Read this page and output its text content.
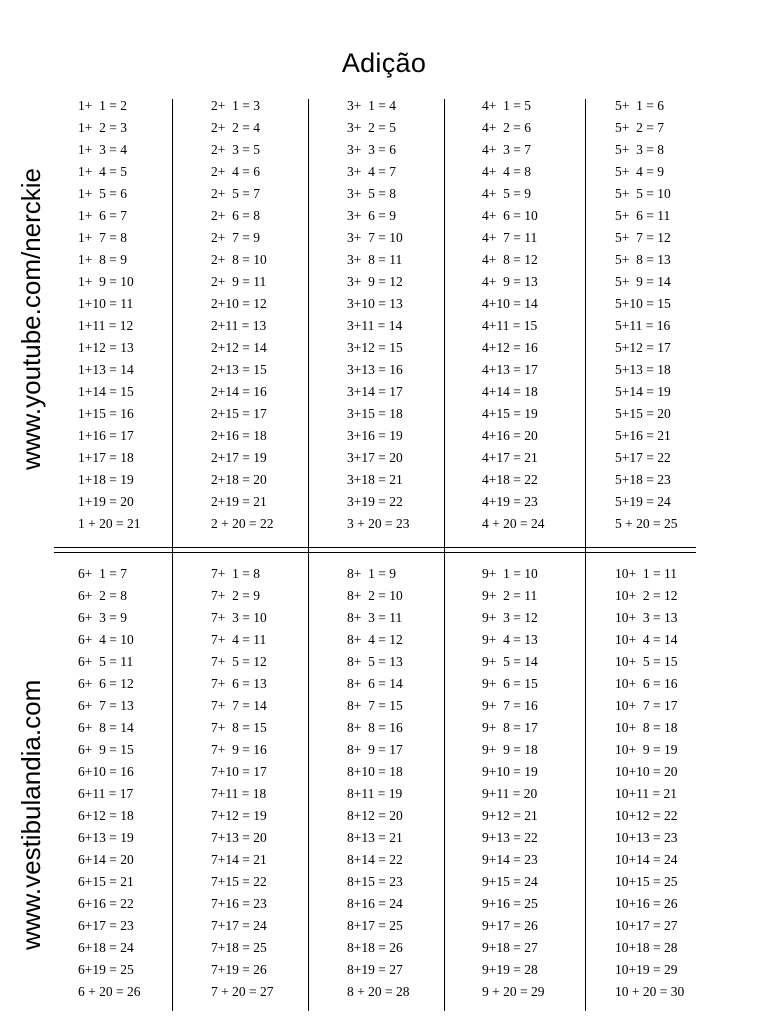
Adição
www.youtube.com/nerckie
www.vestibulandia.com
1+  1 = 2
1+  2 = 3
1+  3 = 4
1+  4 = 5
1+  5 = 6
1+  6 = 7
1+  7 = 8
1+  8 = 9
1+  9 = 10
1+10 = 11
1+11 = 12
1+12 = 13
1+13 = 14
1+14 = 15
1+15 = 16
1+16 = 17
1+17 = 18
1+18 = 19
1+19 = 20
1 + 20 = 21
2+  1 = 3
2+  2 = 4
2+  3 = 5
2+  4 = 6
2+  5 = 7
2+  6 = 8
2+  7 = 9
2+  8 = 10
2+  9 = 11
2+10 = 12
2+11 = 13
2+12 = 14
2+13 = 15
2+14 = 16
2+15 = 17
2+16 = 18
2+17 = 19
2+18 = 20
2+19 = 21
2 + 20 = 22
3+  1 = 4
3+  2 = 5
3+  3 = 6
3+  4 = 7
3+  5 = 8
3+  6 = 9
3+  7 = 10
3+  8 = 11
3+  9 = 12
3+10 = 13
3+11 = 14
3+12 = 15
3+13 = 16
3+14 = 17
3+15 = 18
3+16 = 19
3+17 = 20
3+18 = 21
3+19 = 22
3 + 20 = 23
4+  1 = 5
4+  2 = 6
4+  3 = 7
4+  4 = 8
4+  5 = 9
4+  6 = 10
4+  7 = 11
4+  8 = 12
4+  9 = 13
4+10 = 14
4+11 = 15
4+12 = 16
4+13 = 17
4+14 = 18
4+15 = 19
4+16 = 20
4+17 = 21
4+18 = 22
4+19 = 23
4 + 20 = 24
5+  1 = 6
5+  2 = 7
5+  3 = 8
5+  4 = 9
5+  5 = 10
5+  6 = 11
5+  7 = 12
5+  8 = 13
5+  9 = 14
5+10 = 15
5+11 = 16
5+12 = 17
5+13 = 18
5+14 = 19
5+15 = 20
5+16 = 21
5+17 = 22
5+18 = 23
5+19 = 24
5 + 20 = 25
6+  1 = 7
6+  2 = 8
6+  3 = 9
6+  4 = 10
6+  5 = 11
6+  6 = 12
6+  7 = 13
6+  8 = 14
6+  9 = 15
6+10 = 16
6+11 = 17
6+12 = 18
6+13 = 19
6+14 = 20
6+15 = 21
6+16 = 22
6+17 = 23
6+18 = 24
6+19 = 25
6 + 20 = 26
7+  1 = 8
7+  2 = 9
7+  3 = 10
7+  4 = 11
7+  5 = 12
7+  6 = 13
7+  7 = 14
7+  8 = 15
7+  9 = 16
7+10 = 17
7+11 = 18
7+12 = 19
7+13 = 20
7+14 = 21
7+15 = 22
7+16 = 23
7+17 = 24
7+18 = 25
7+19 = 26
7 + 20 = 27
8+  1 = 9
8+  2 = 10
8+  3 = 11
8+  4 = 12
8+  5 = 13
8+  6 = 14
8+  7 = 15
8+  8 = 16
8+  9 = 17
8+10 = 18
8+11 = 19
8+12 = 20
8+13 = 21
8+14 = 22
8+15 = 23
8+16 = 24
8+17 = 25
8+18 = 26
8+19 = 27
8 + 20 = 28
9+  1 = 10
9+  2 = 11
9+  3 = 12
9+  4 = 13
9+  5 = 14
9+  6 = 15
9+  7 = 16
9+  8 = 17
9+  9 = 18
9+10 = 19
9+11 = 20
9+12 = 21
9+13 = 22
9+14 = 23
9+15 = 24
9+16 = 25
9+17 = 26
9+18 = 27
9+19 = 28
9 + 20 = 29
10+  1 = 11
10+  2 = 12
10+  3 = 13
10+  4 = 14
10+  5 = 15
10+  6 = 16
10+  7 = 17
10+  8 = 18
10+  9 = 19
10+10 = 20
10+11 = 21
10+12 = 22
10+13 = 23
10+14 = 24
10+15 = 25
10+16 = 26
10+17 = 27
10+18 = 28
10+19 = 29
10 + 20 = 30
